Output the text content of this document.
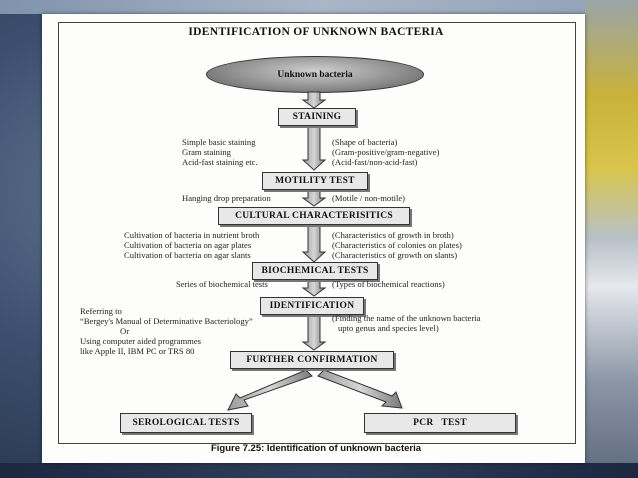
IDENTIFICATION OF UNKNOWN BACTERIA
Unknown bacteria
STAINING
Simple basic staining
Gram staining
Acid-fast staining etc.
(Shape of bacteria)
(Gram-positive/gram-negative)
(Acid-fast/non-acid-fast)
MOTILITY TEST
Hanging drop preparation	(Motile / non-motile)
CULTURAL CHARACTERISITICS
Cultivation of bacteria in nutrient broth
Cultivation of bacteria on agar plates
Cultivation of bacteria on agar slants
(Characteristics of growth in broth)
(Characteristics of colonies on plates)
(Characteristics of growth on slants)
BIOCHEMICAL TESTS
Series of biochemical tests	(Types of biochemical reactions)
IDENTIFICATION
Referring to
“Bergey's Manual of Determinative Bacteriology”
Or
Using computer aided programmes
like Apple II, IBM PC or TRS 80
(Finding the name of the unknown bacteria
upto genus and species level)
FURTHER CONFIRMATION
SEROLOGICAL TESTS	PCR   TEST
Figure 7.25: Identification of unknown bacteria
